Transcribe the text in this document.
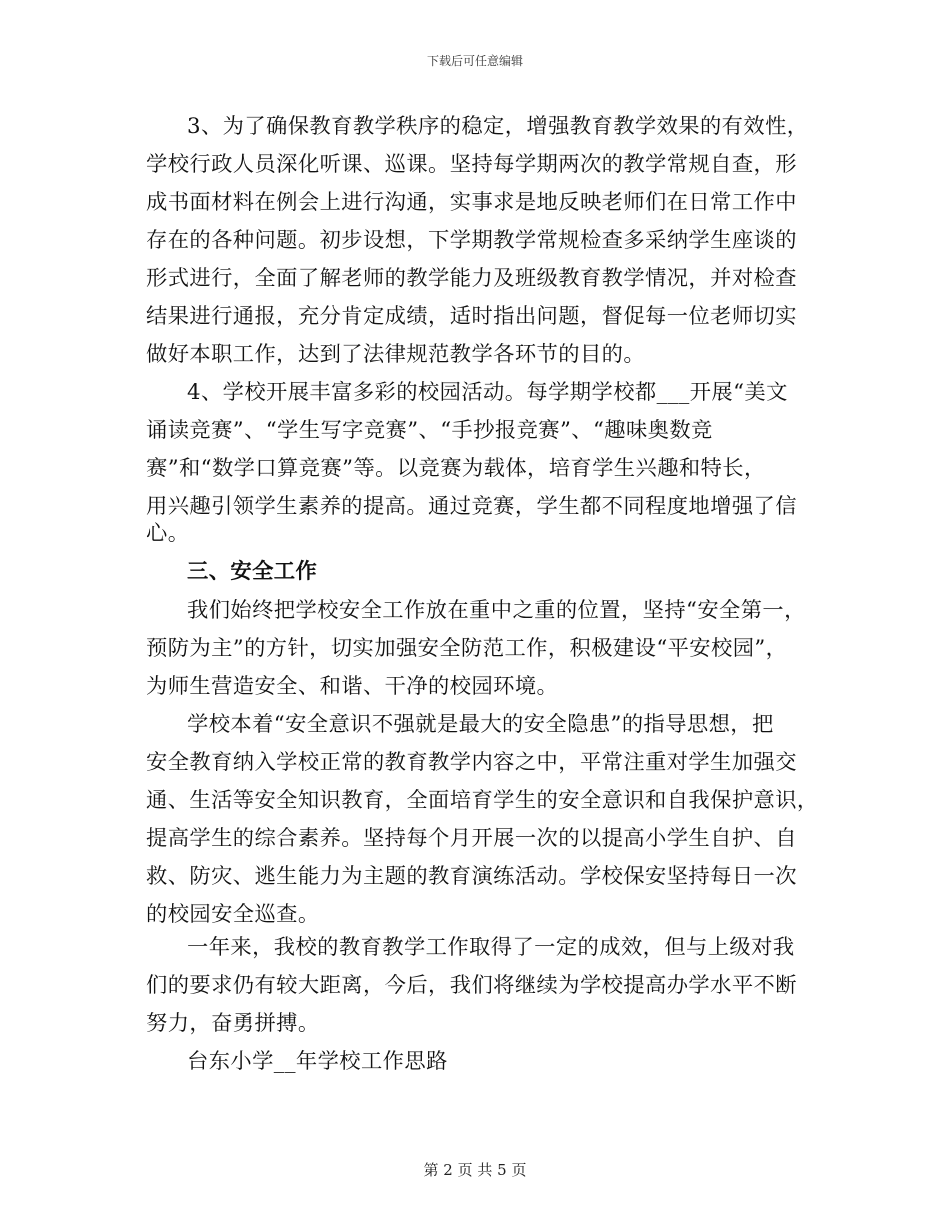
下载后可任意编辑
3、为了确保教育教学秩序的稳定，增强教育教学效果的有效性，
学校行政人员深化听课、巡课。坚持每学期两次的教学常规自查，形
成书面材料在例会上进行沟通，实事求是地反映老师们在日常工作中
存在的各种问题。初步设想，下学期教学常规检查多采纳学生座谈的
形式进行，全面了解老师的教学能力及班级教育教学情况，并对检查
结果进行通报，充分肯定成绩，适时指出问题，督促每一位老师切实
做好本职工作，达到了法律规范教学各环节的目的。
4、学校开展丰富多彩的校园活动。每学期学校都___开展“美文
诵读竞赛”、“学生写字竞赛”、“手抄报竞赛”、“趣味奥数竞
赛”和“数学口算竞赛”等。以竞赛为载体，培育学生兴趣和特长，
用兴趣引领学生素养的提高。通过竞赛，学生都不同程度地增强了信
心。
三、安全工作
我们始终把学校安全工作放在重中之重的位置，坚持“安全第一，
预防为主”的方针，切实加强安全防范工作，积极建设“平安校园”，
为师生营造安全、和谐、干净的校园环境。
学校本着“安全意识不强就是最大的安全隐患”的指导思想，把
安全教育纳入学校正常的教育教学内容之中，平常注重对学生加强交
通、生活等安全知识教育，全面培育学生的安全意识和自我保护意识，
提高学生的综合素养。坚持每个月开展一次的以提高小学生自护、自
救、防灾、逃生能力为主题的教育演练活动。学校保安坚持每日一次
的校园安全巡查。
一年来，我校的教育教学工作取得了一定的成效，但与上级对我
们的要求仍有较大距离，今后，我们将继续为学校提高办学水平不断
努力，奋勇拼搏。
台东小学__年学校工作思路
第 2 页 共 5 页
